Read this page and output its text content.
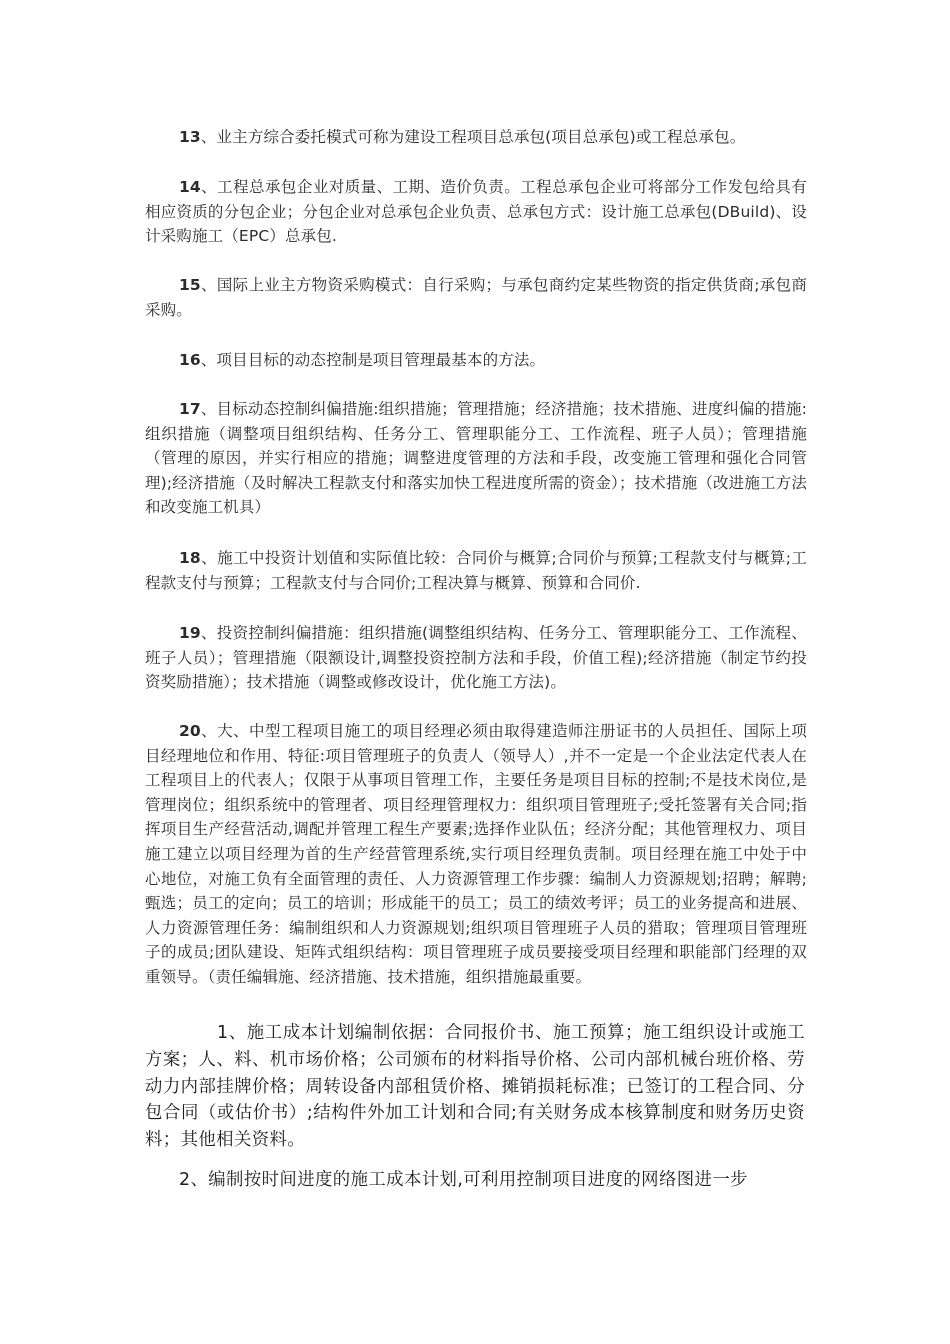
13、业主方综合委托模式可称为建设工程项目总承包(项目总承包)或工程总承包。

14、工程总承包企业对质量、工期、造价负责。工程总承包企业可将部分工作发包给具有相应资质的分包企业；分包企业对总承包企业负责、总承包方式：设计施工总承包(DBuild)、设计采购施工（EPC）总承包.

15、国际上业主方物资采购模式：自行采购；与承包商约定某些物资的指定供货商;承包商采购。

16、项目目标的动态控制是项目管理最基本的方法。

17、目标动态控制纠偏措施:组织措施；管理措施；经济措施；技术措施、进度纠偏的措施:组织措施（调整项目组织结构、任务分工、管理职能分工、工作流程、班子人员）；管理措施（管理的原因，并实行相应的措施；调整进度管理的方法和手段，改变施工管理和强化合同管理);经济措施（及时解决工程款支付和落实加快工程进度所需的资金）；技术措施（改进施工方法和改变施工机具）

18、施工中投资计划值和实际值比较：合同价与概算;合同价与预算;工程款支付与概算;工程款支付与预算；工程款支付与合同价;工程决算与概算、预算和合同价.

19、投资控制纠偏措施：组织措施(调整组织结构、任务分工、管理职能分工、工作流程、班子人员）；管理措施（限额设计,调整投资控制方法和手段，价值工程);经济措施（制定节约投资奖励措施）；技术措施（调整或修改设计，优化施工方法)。

20、大、中型工程项目施工的项目经理必须由取得建造师注册证书的人员担任、国际上项目经理地位和作用、特征:项目管理班子的负责人（领导人）,并不一定是一个企业法定代表人在工程项目上的代表人；仅限于从事项目管理工作，主要任务是项目目标的控制;不是技术岗位,是管理岗位；组织系统中的管理者、项目经理管理权力：组织项目管理班子;受托签署有关合同;指挥项目生产经营活动,调配并管理工程生产要素;选择作业队伍；经济分配；其他管理权力、项目施工建立以项目经理为首的生产经营管理系统,实行项目经理负责制。项目经理在施工中处于中心地位，对施工负有全面管理的责任、人力资源管理工作步骤：编制人力资源规划;招聘；解聘;甄选；员工的定向；员工的培训；形成能干的员工；员工的绩效考评；员工的业务提高和进展、人力资源管理任务：编制组织和人力资源规划;组织项目管理班子人员的猎取；管理项目管理班子的成员;团队建设、矩阵式组织结构：项目管理班子成员要接受项目经理和职能部门经理的双重领导。（责任编辑施、经济措施、技术措施，组织措施最重要。

1、施工成本计划编制依据：合同报价书、施工预算；施工组织设计或施工方案；人、料、机市场价格；公司颁布的材料指导价格、公司内部机械台班价格、劳动力内部挂牌价格；周转设备内部租赁价格、摊销损耗标准；已签订的工程合同、分包合同（或估价书）;结构件外加工计划和合同;有关财务成本核算制度和财务历史资料；其他相关资料。

2、编制按时间进度的施工成本计划,可利用控制项目进度的网络图进一步
